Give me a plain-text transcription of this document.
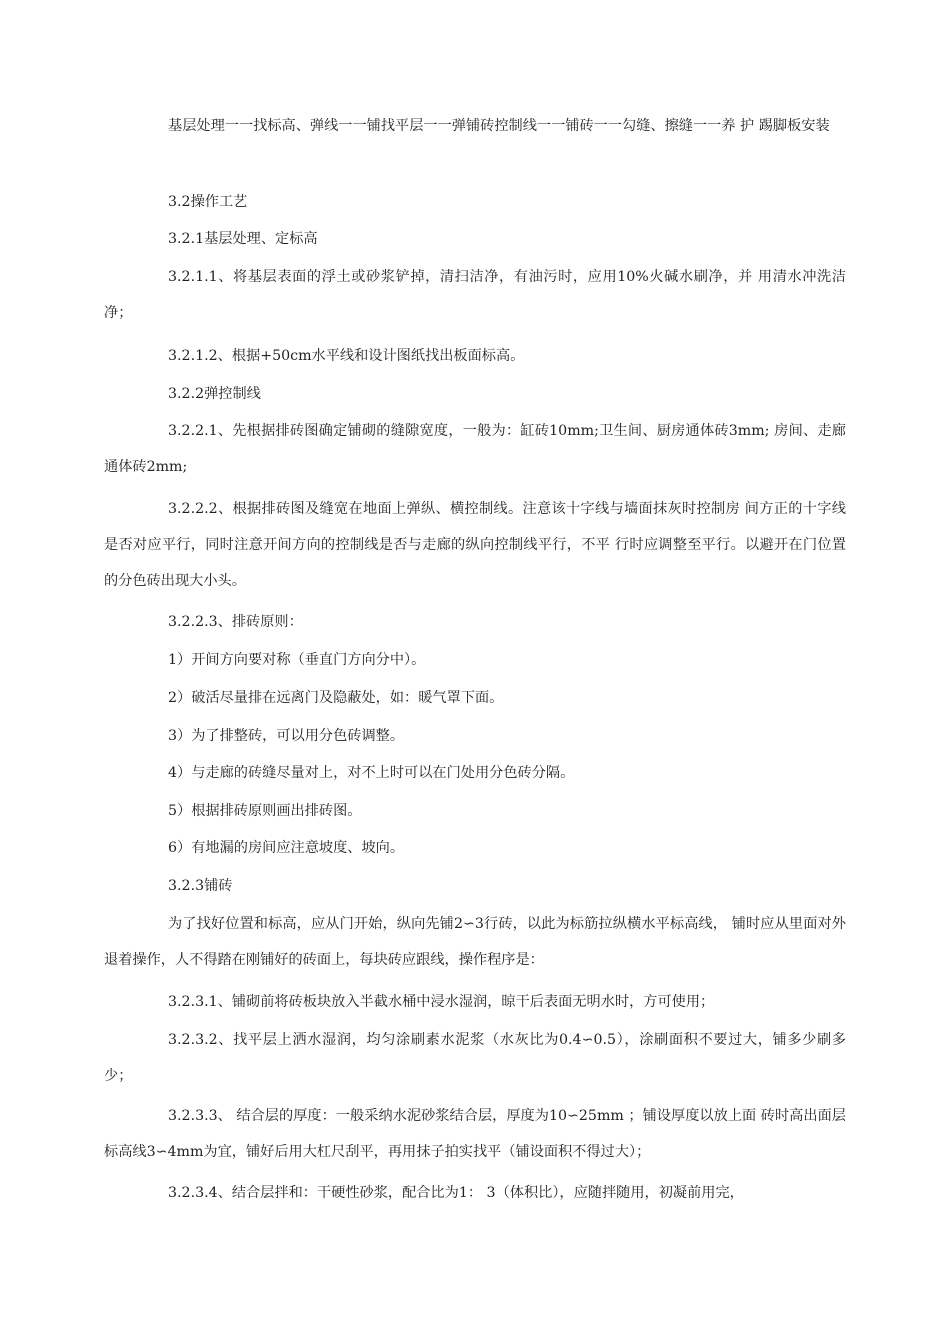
基层处理一一找标高、弹线一一铺找平层一一弹铺砖控制线一一铺砖一一勾缝、擦缝一一养 护 踢脚板安装

3.2操作工艺

3.2.1基层处理、定标高

3.2.1.1、将基层表面的浮土或砂浆铲掉，清扫洁净，有油污时，应用10%火碱水刷净，并 用清水冲洗洁净；

3.2.1.2、根据+50cm水平线和设计图纸找出板面标高。

3.2.2弹控制线

3.2.2.1、先根据排砖图确定铺砌的缝隙宽度，一般为：缸砖10mm;卫生间、厨房通体砖3mm; 房间、走廊通体砖2mm;

3.2.2.2、根据排砖图及缝宽在地面上弹纵、横控制线。注意该十字线与墙面抹灰时控制房 间方正的十字线是否对应平行，同时注意开间方向的控制线是否与走廊的纵向控制线平行，不平 行时应调整至平行。以避开在门位置的分色砖出现大小头。

3.2.2.3、排砖原则：

1）开间方向要对称（垂直门方向分中）。

2）破活尽量排在远离门及隐蔽处，如：暖气罩下面。

3）为了排整砖，可以用分色砖调整。

4）与走廊的砖缝尽量对上，对不上时可以在门处用分色砖分隔。

5）根据排砖原则画出排砖图。

6）有地漏的房间应注意坡度、坡向。

3.2.3铺砖

为了找好位置和标高，应从门开始，纵向先铺2∽3行砖，以此为标筋拉纵横水平标高线， 铺时应从里面对外退着操作，人不得踏在刚铺好的砖面上，每块砖应跟线，操作程序是：

3.2.3.1、铺砌前将砖板块放入半截水桶中浸水湿润，晾干后表面无明水时，方可使用；

3.2.3.2、找平层上洒水湿润，均匀涂刷素水泥浆（水灰比为0.4∽0.5），涂刷面积不要过大，铺多少刷多少；

3.2.3.3、 结合层的厚度：一般采纳水泥砂浆结合层，厚度为10∽25mm ；铺设厚度以放上面 砖时高出面层标高线3∽4mm为宜，铺好后用大杠尺刮平，再用抹子拍实找平（铺设面积不得过大）；

3.2.3.4、结合层拌和：干硬性砂浆，配合比为1： 3（体积比），应随拌随用，初凝前用完，
